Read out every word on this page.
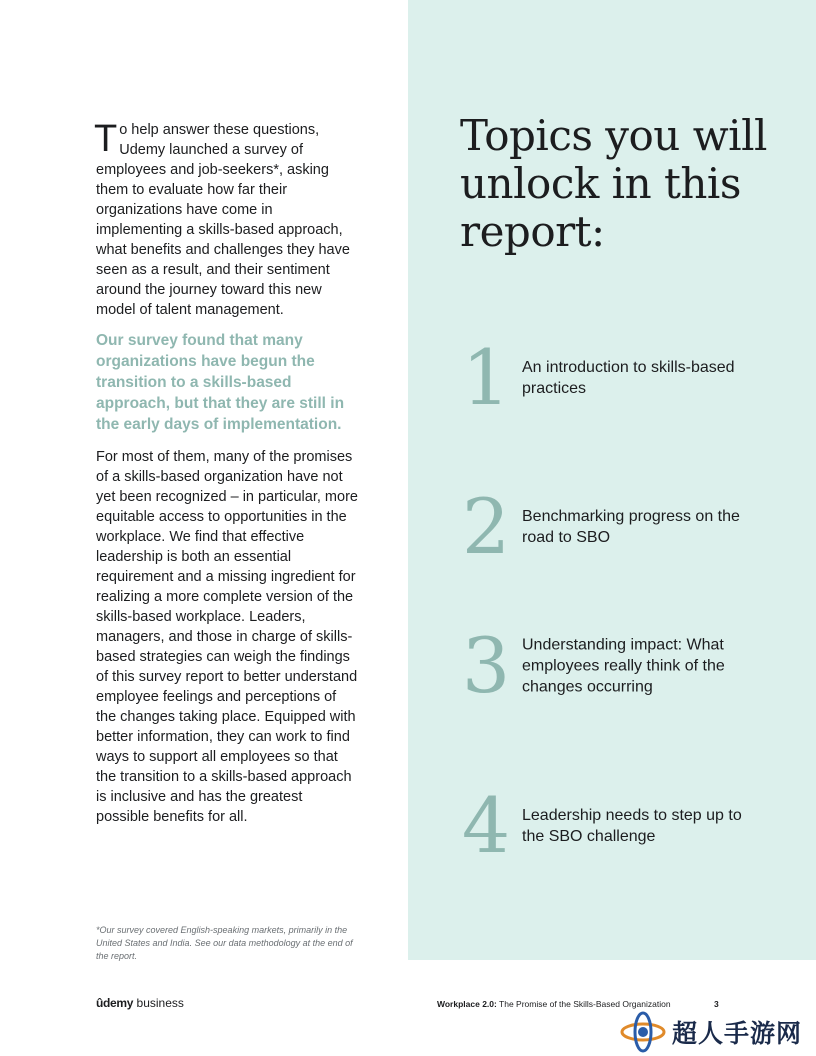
To help answer these questions, Udemy launched a survey of employees and job-seekers*, asking them to evaluate how far their organizations have come in implementing a skills-based approach, what benefits and challenges they have seen as a result, and their sentiment around the journey toward this new model of talent management.

Our survey found that many organizations have begun the transition to a skills-based approach, but that they are still in the early days of implementation.

For most of them, many of the promises of a skills-based organization have not yet been recognized – in particular, more equitable access to opportunities in the workplace. We find that effective leadership is both an essential requirement and a missing ingredient for realizing a more complete version of the skills-based workplace. Leaders, managers, and those in charge of skills-based strategies can weigh the findings of this survey report to better understand employee feelings and perceptions of the changes taking place. Equipped with better information, they can work to find ways to support all employees so that the transition to a skills-based approach is inclusive and has the greatest possible benefits for all.

*Our survey covered English-speaking markets, primarily in the United States and India. See our data methodology at the end of the report.

Topics you will unlock in this report:
1 An introduction to skills-based practices
2 Benchmarking progress on the road to SBO
3 Understanding impact: What employees really think of the changes occurring
4 Leadership needs to step up to the SBO challenge
ûdemy business	Workplace 2.0: The Promise of the Skills-Based Organization	3
超人手游网
